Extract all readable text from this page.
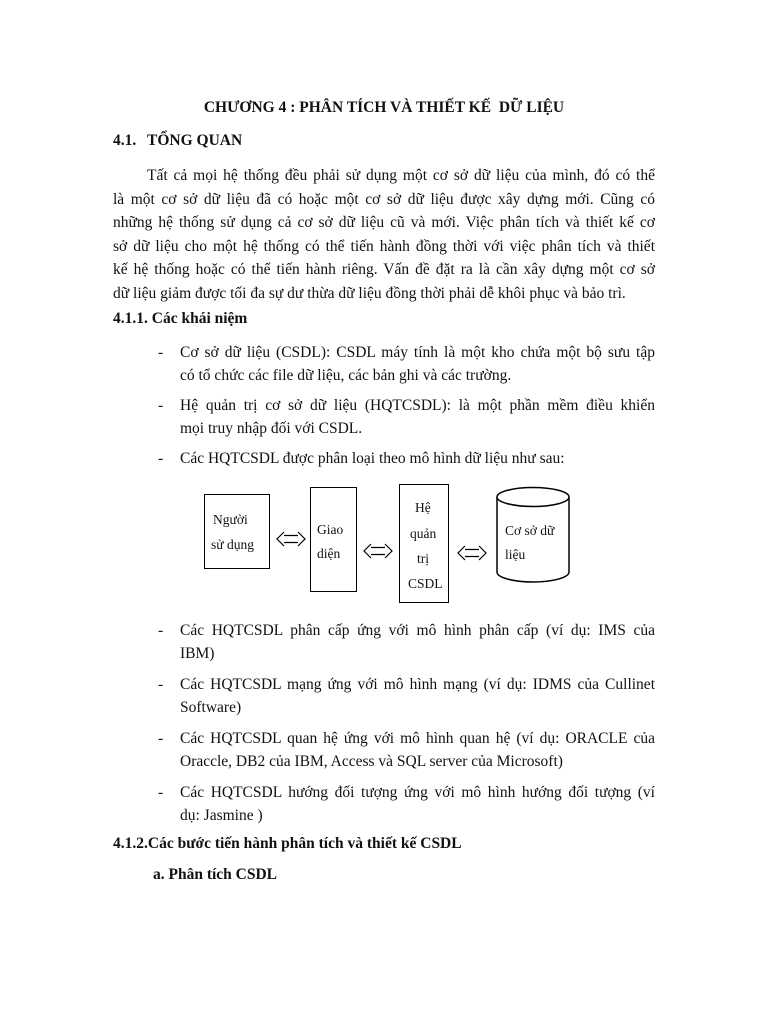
CHƯƠNG 4 : PHÂN TÍCH VÀ THIẾT KẾ  DỮ LIỆU
4.1. TỔNG QUAN
Tất cả mọi hệ thống đều phải sử dụng một cơ sở dữ liệu của mình, đó có thể
là một cơ sở dữ liệu đã có hoặc một cơ sở dữ liệu được xây dựng mới. Cũng có
những hệ thống sử dụng cả cơ sở dữ liệu cũ và mới. Việc phân tích và thiết kế cơ
sở dữ liệu cho một hệ thống có thể tiến hành đồng thời với việc phân tích và thiết
kế hệ thống hoặc có thể tiến hành riêng. Vấn đề đặt ra là cần xây dựng một cơ sở
dữ liệu giảm được tối đa sự dư thừa dữ liệu đồng thời phải dễ khôi phục và bảo trì.
4.1.1. Các khái niệm
- Cơ sở dữ liệu (CSDL): CSDL máy tính là một kho chứa một bộ sưu tập
có tổ chức các file dữ liệu, các bản ghi và các trường.
- Hệ quản trị cơ sở dữ liệu (HQTCSDL): là một phần mềm điều khiển
mọi truy nhập đối với CSDL.
- Các HQTCSDL được phân loại theo mô hình dữ liệu như sau:
Người
sử dụng
Giao
diện
Hệ
quản
trị
CSDL
Cơ sở dữ
liệu
- Các HQTCSDL phân cấp ứng với mô hình phân cấp (ví dụ: IMS của
IBM)
- Các HQTCSDL mạng ứng với mô hình mạng (ví dụ: IDMS của Cullinet
Software)
- Các HQTCSDL quan hệ ứng với mô hình quan hệ (ví dụ: ORACLE của
Oraccle, DB2 của IBM, Access và SQL server của Microsoft)
- Các HQTCSDL hướng đối tượng ứng với mô hình hướng đối tượng (ví
dụ: Jasmine )
4.1.2.Các bước tiến hành phân tích và thiết kế CSDL
a. Phân tích CSDL
